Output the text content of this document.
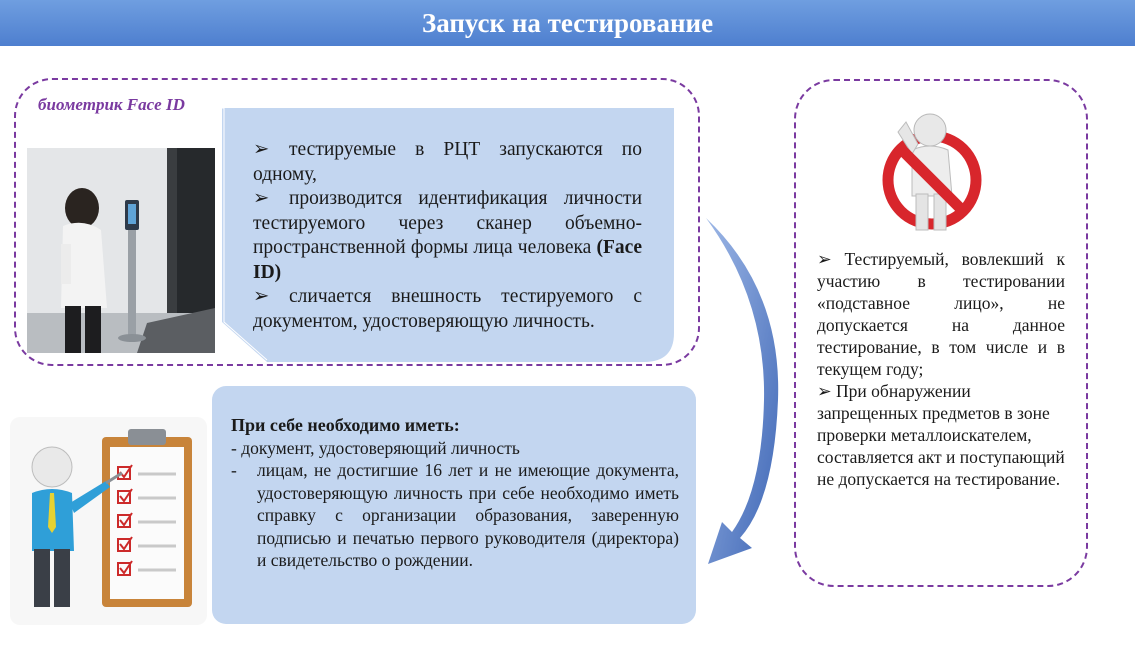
Запуск на тестирование
биометрик Face ID
➢ тестируемые в РЦТ запускаются по одному,
➢ производится идентификация личности тестируемого через сканер объемно-пространственной формы лица человека (Face ID)
➢ сличается внешность тестируемого с документом, удостоверяющую личность.
➢ Тестируемый, вовлекший к участию в тестировании «подставное лицо», не допускается на данное тестирование, в том числе и в текущем году;
➢ При обнаружении запрещенных предметов в зоне проверки металлоискателем, составляется акт и поступающий не допускается на тестирование.
При себе необходимо иметь:
- документ, удостоверяющий личность
-	лицам, не достигшие 16 лет и не имеющие документа, удостоверяющую личность при себе необходимо иметь справку с организации образования, заверенную подписью и печатью первого руководителя (директора) и свидетельство о рождении.
